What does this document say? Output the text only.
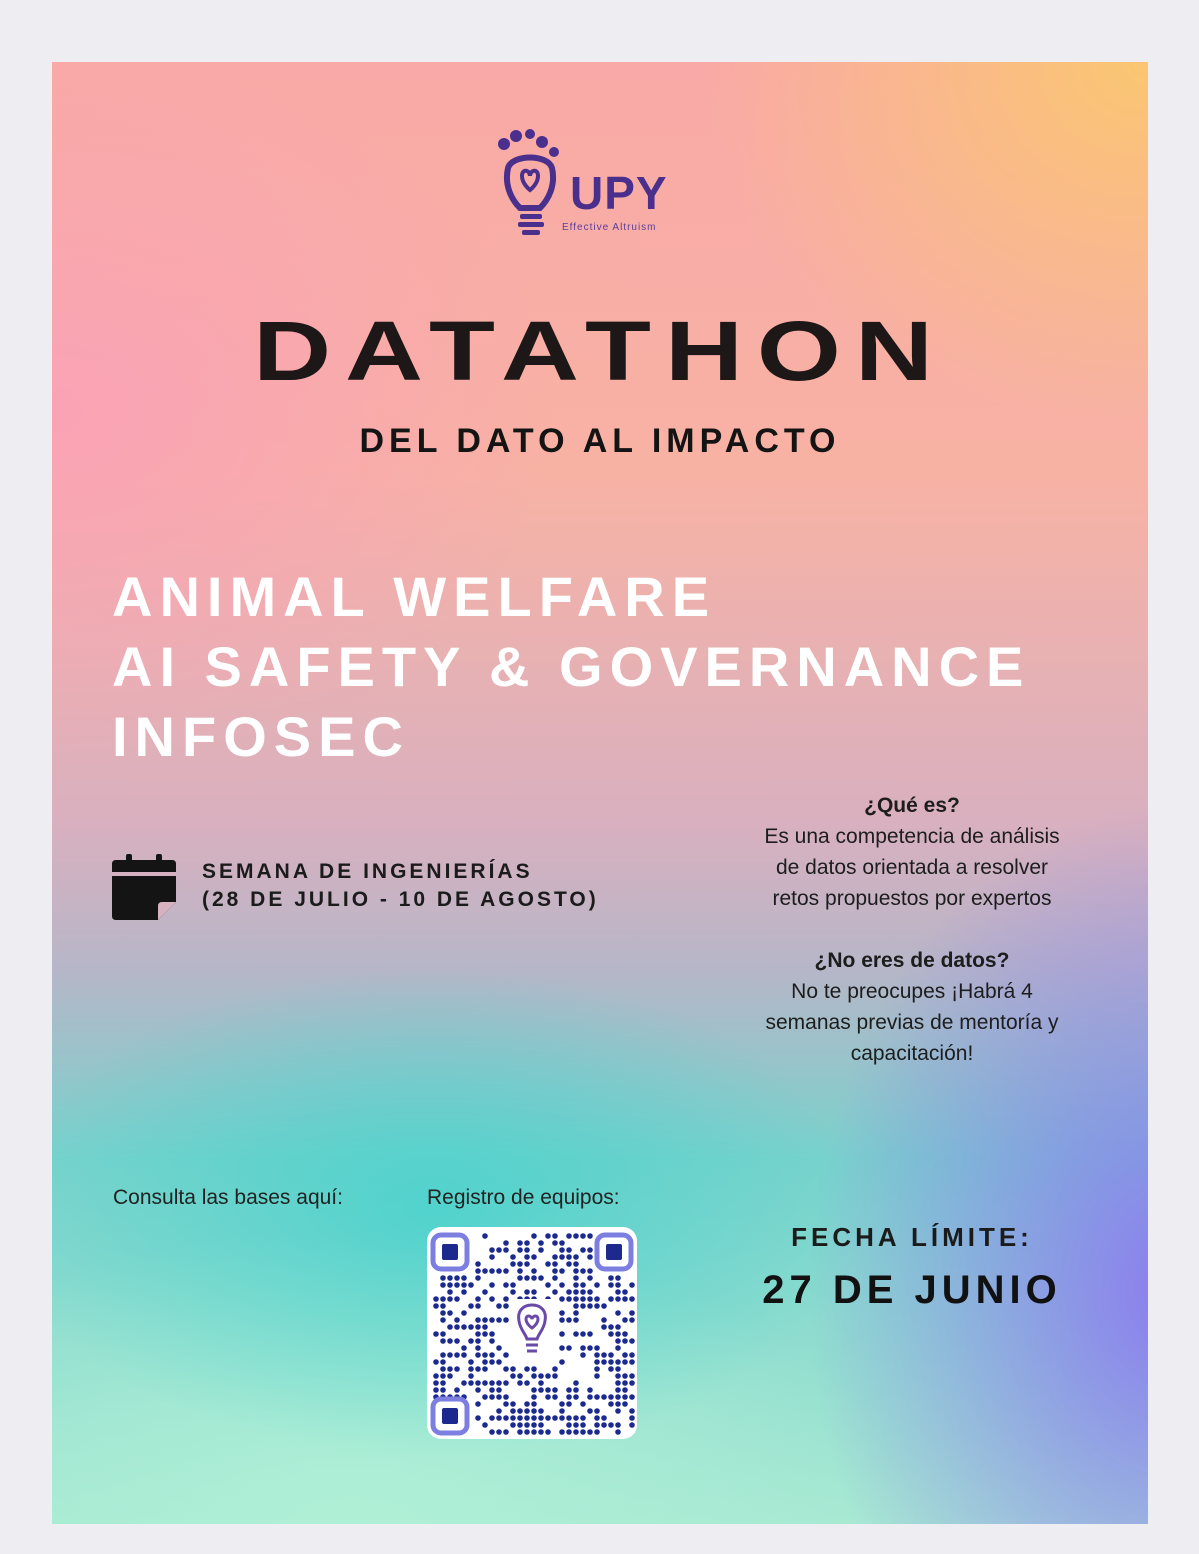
UPY
Effective Altruism
DATATHON
DEL DATO AL IMPACTO
ANIMAL WELFARE
AI SAFETY & GOVERNANCE
INFOSEC
SEMANA DE INGENIERÍAS
(28 DE JULIO - 10 DE AGOSTO)
¿Qué es?
Es una competencia de análisis
de datos orientada a resolver
retos propuestos por expertos
¿No eres de datos?
No te preocupes ¡Habrá 4
semanas previas de mentoría y
capacitación!
Consulta las bases aquí:	Registro de equipos:
FECHA LÍMITE:
27 DE JUNIO
